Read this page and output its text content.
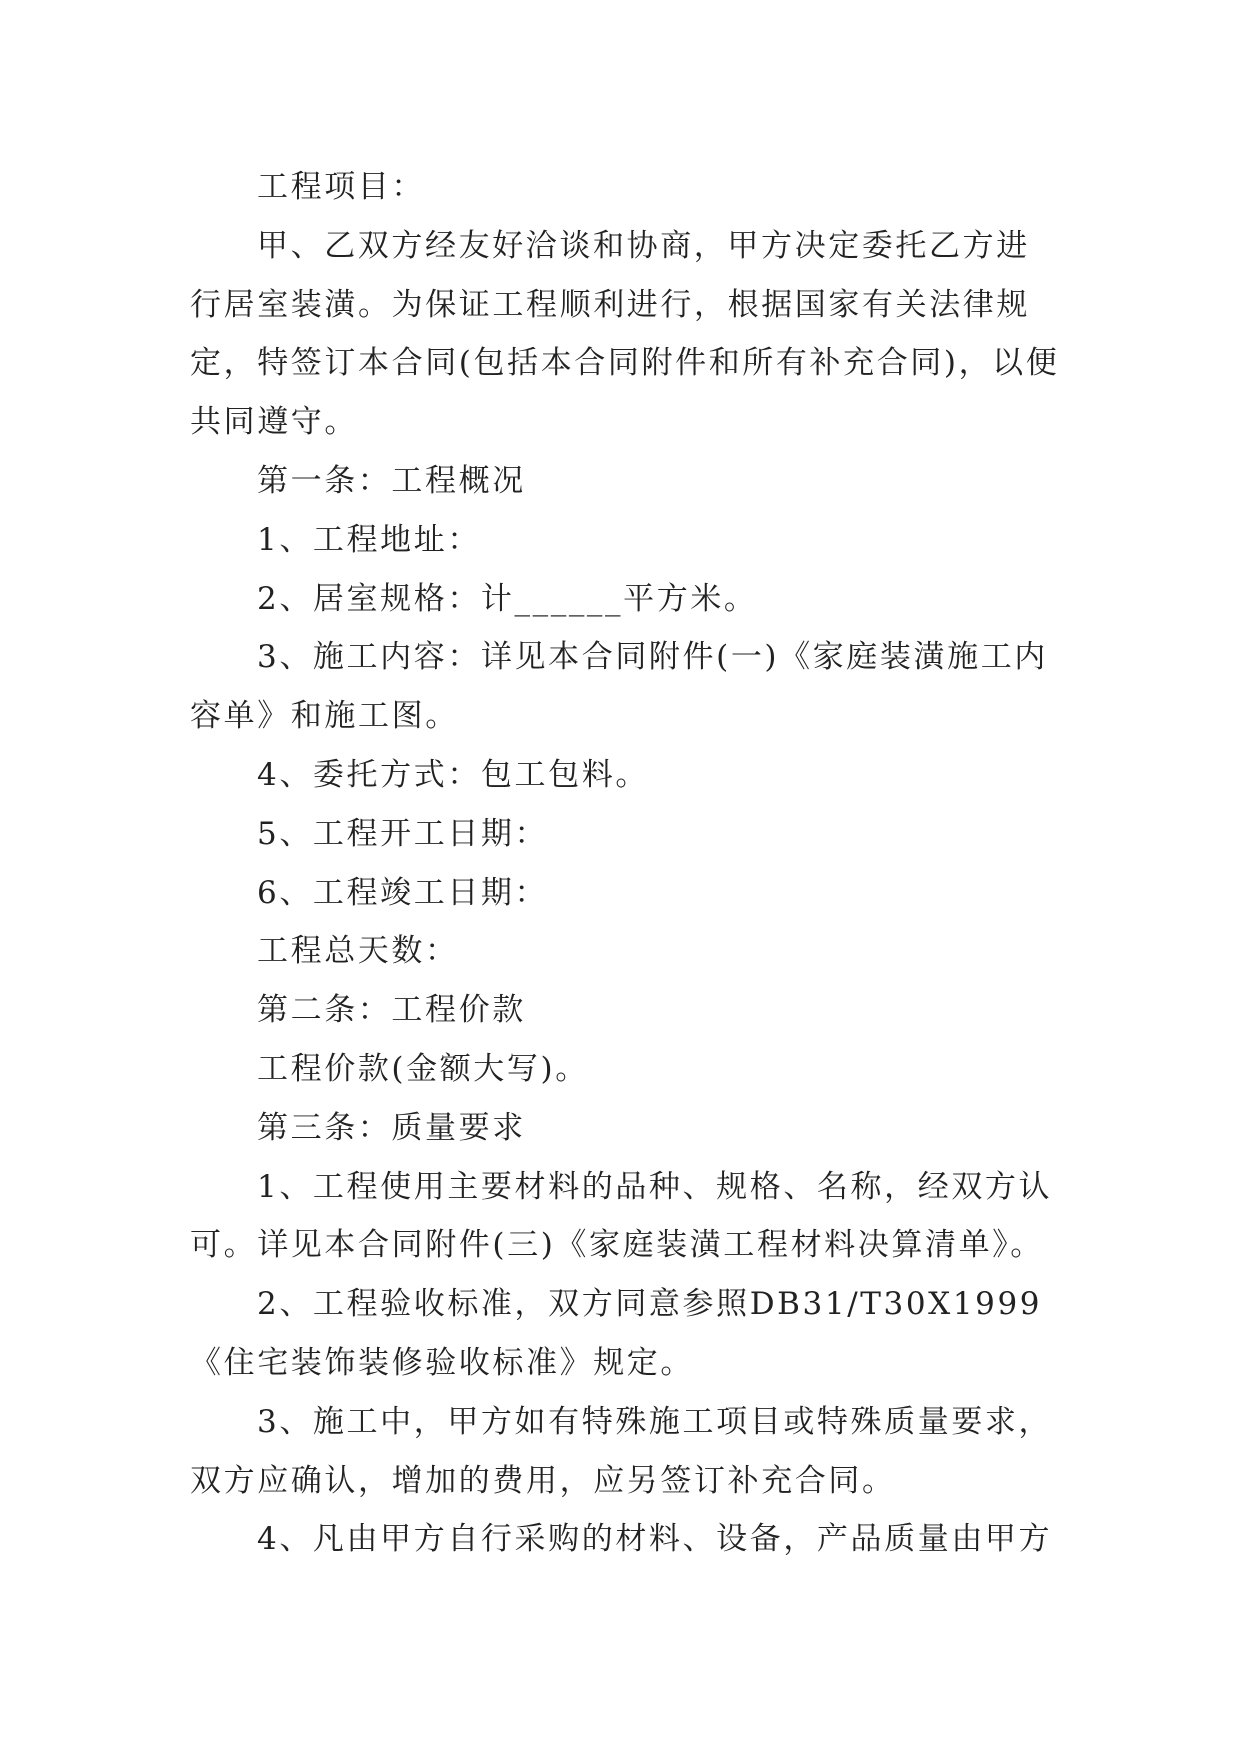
工程项目：

甲、乙双方经友好洽谈和协商，甲方决定委托乙方进行居室装潢。为保证工程顺利进行，根据国家有关法律规定，特签订本合同(包括本合同附件和所有补充合同)，以便共同遵守。

第一条：工程概况

1、工程地址：

2、居室规格：计______平方米。

3、施工内容：详见本合同附件(一)《家庭装潢施工内容单》和施工图。

4、委托方式：包工包料。

5、工程开工日期：

6、工程竣工日期：

工程总天数：

第二条：工程价款

工程价款(金额大写)。

第三条：质量要求

1、工程使用主要材料的品种、规格、名称，经双方认可。详见本合同附件(三)《家庭装潢工程材料决算清单》。

2、工程验收标准，双方同意参照DB31/T30X1999《住宅装饰装修验收标准》规定。

3、施工中，甲方如有特殊施工项目或特殊质量要求，双方应确认，增加的费用，应另签订补充合同。

4、凡由甲方自行采购的材料、设备，产品质量由甲方
